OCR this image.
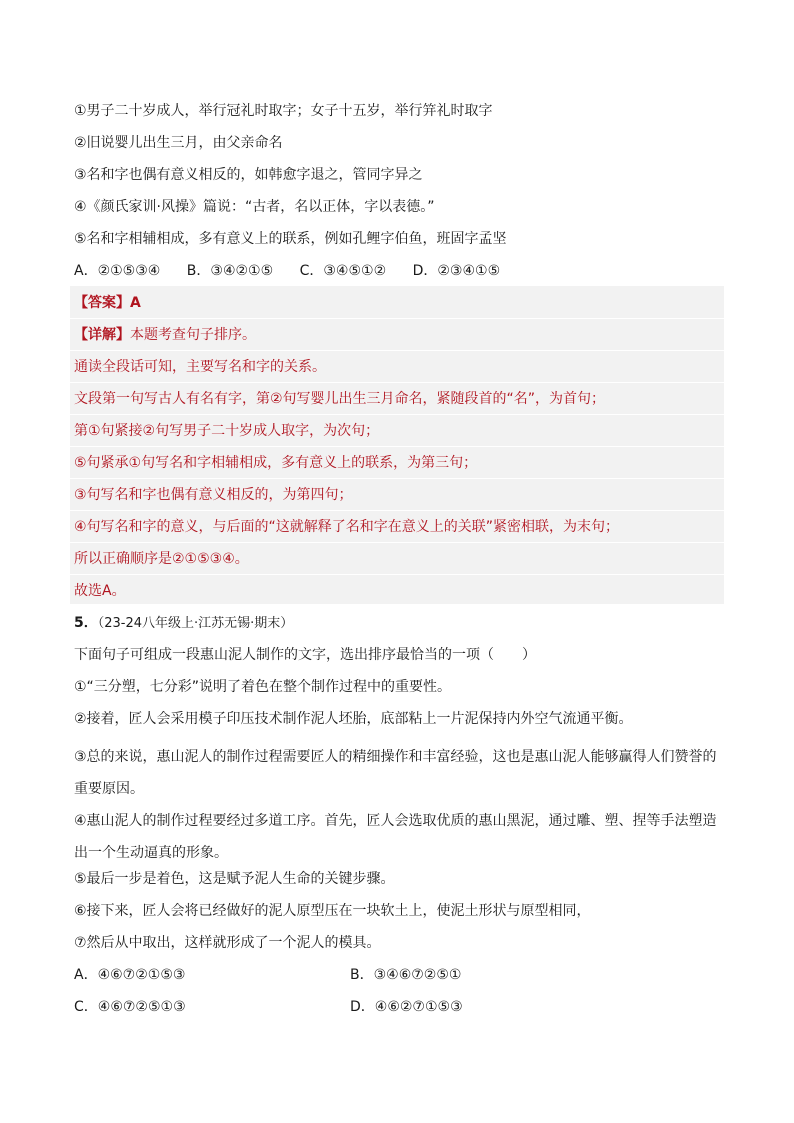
①男子二十岁成人，举行冠礼时取字；女子十五岁，举行笄礼时取字
②旧说婴儿出生三月，由父亲命名
③名和字也偶有意义相反的，如韩愈字退之，管同字异之
④《颜氏家训·风操》篇说：“古者，名以正体，字以表德。”
⑤名和字相辅相成，多有意义上的联系，例如孔鲤字伯鱼，班固字孟坚
A．②①⑤③④ B．③④②①⑤ C．③④⑤①② D．②③④①⑤
【答案】A
【详解】本题考查句子排序。
通读全段话可知，主要写名和字的关系。
文段第一句写古人有名有字，第②句写婴儿出生三月命名，紧随段首的“名”，为首句；
第①句紧接②句写男子二十岁成人取字，为次句；
⑤句紧承①句写名和字相辅相成，多有意义上的联系，为第三句；
③句写名和字也偶有意义相反的，为第四句；
④句写名和字的意义，与后面的“这就解释了名和字在意义上的关联”紧密相联，为末句；
所以正确顺序是②①⑤③④。
故选A。
5．（23-24八年级上·江苏无锡·期末）
下面句子可组成一段惠山泥人制作的文字，选出排序最恰当的一项（　　）
①“三分塑，七分彩”说明了着色在整个制作过程中的重要性。
②接着，匠人会采用模子印压技术制作泥人坯胎，底部粘上一片泥保持内外空气流通平衡。
③总的来说，惠山泥人的制作过程需要匠人的精细操作和丰富经验，这也是惠山泥人能够赢得人们赞誉的重要原因。
④惠山泥人的制作过程要经过多道工序。首先，匠人会选取优质的惠山黑泥，通过雕、塑、捏等手法塑造出一个生动逼真的形象。
⑤最后一步是着色，这是赋予泥人生命的关键步骤。
⑥接下来，匠人会将已经做好的泥人原型压在一块软土上，使泥土形状与原型相同，
⑦然后从中取出，这样就形成了一个泥人的模具。
A．④⑥⑦②①⑤③	B．③④⑥⑦②⑤①
C．④⑥⑦②⑤①③	D．④⑥②⑦①⑤③
